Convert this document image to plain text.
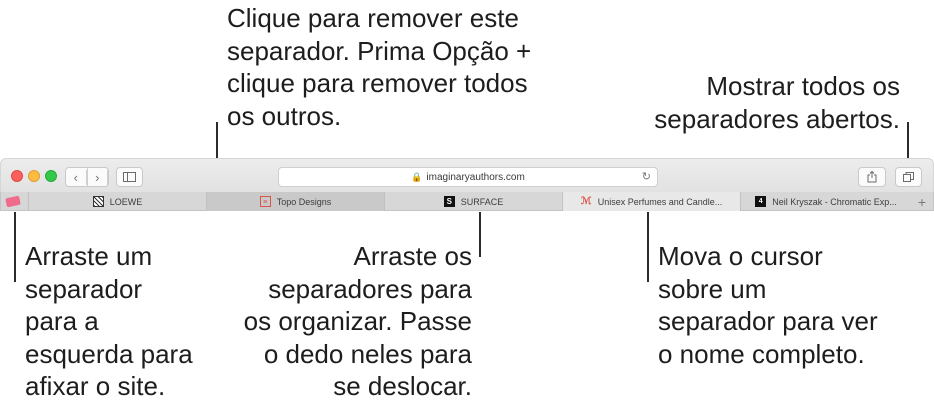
Clique para remover este
separador. Prima Opção +
clique para remover todos
os outros.
Mostrar todos os
separadores abertos.
Arraste um
separador
para a
esquerda para
afixar o site.
Arraste os
separadores para
os organizar. Passe
o dedo neles para
se deslocar.
Mova o cursor
sobre um
separador para ver
o nome completo.
‹	›	🔒 imaginaryauthors.com	↻
LOEWE	≡	Topo Designs	S SURFACE	ℳ Unisex Perfumes and Candle...	4	Neil Kryszak - Chromatic Exp... +
